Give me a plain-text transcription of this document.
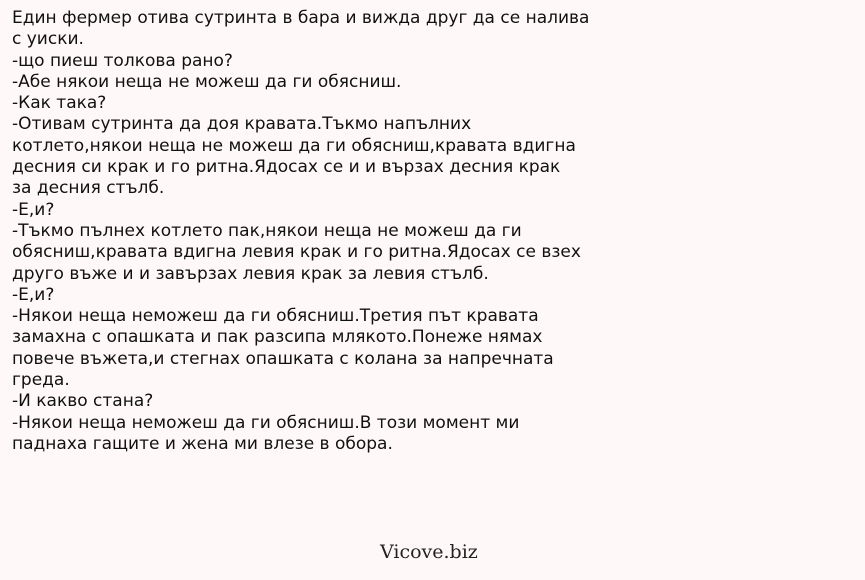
Един фермер отива сутринта в бара и вижда друг да се налива
с уиски.
-що пиеш толкова рано?
-Абе някои неща не можеш да ги обясниш.
-Как така?
-Отивам сутринта да доя кравата.Тъкмо напълних
котлето,някои неща не можеш да ги обясниш,кравата вдигна
десния си крак и го ритна.Ядосах се и и вързах десния крак
за десния стълб.
-Е,и?
-Тъкмо пълнех котлето пак,някои неща не можеш да ги
обясниш,кравата вдигна левия крак и го ритна.Ядосах се взех
друго въже и и завързах левия крак за левия стълб.
-Е,и?
-Някои неща неможеш да ги обясниш.Третия път кравата
замахна с опашката и пак разсипа млякото.Понеже нямах
повече въжета,и стегнах опашката с колана за напречната
греда.
-И какво стана?
-Някои неща неможеш да ги обясниш.В този момент ми
паднаха гащите и жена ми влезе в обора.
Vicove.biz
